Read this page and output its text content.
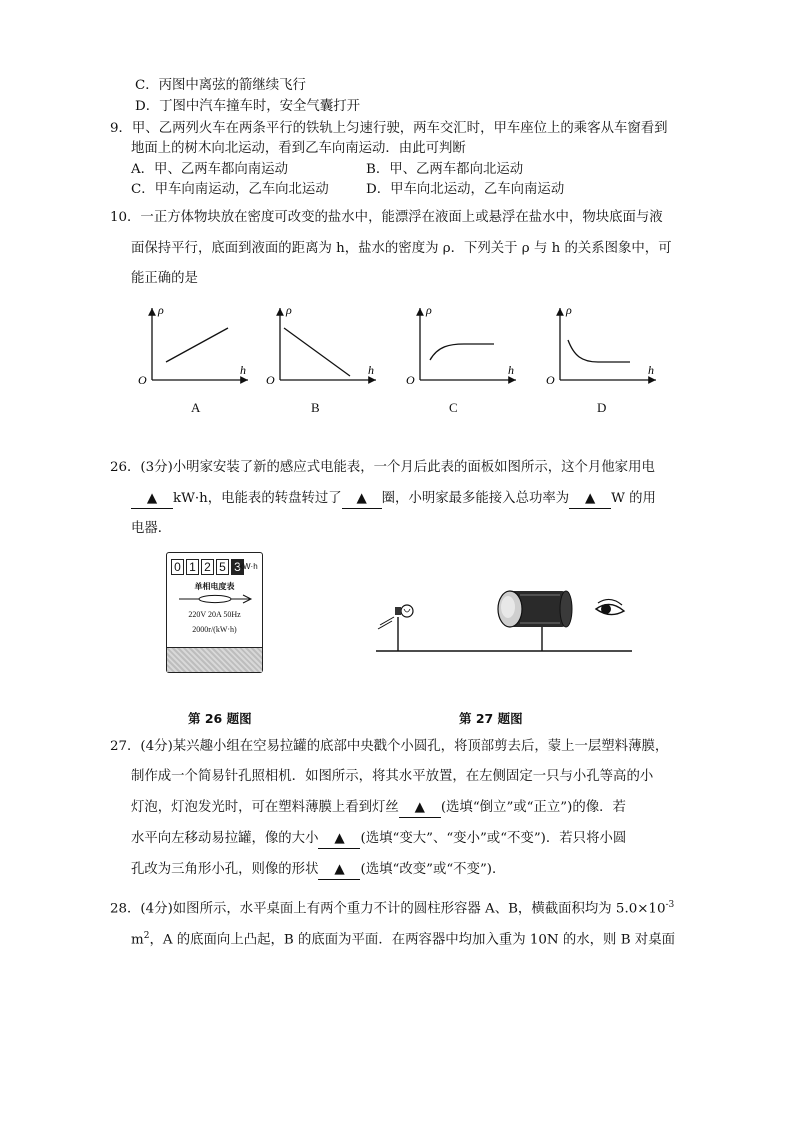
C．丙图中离弦的箭继续飞行
D．丁图中汽车撞车时，安全气囊打开
9．甲、乙两列火车在两条平行的铁轨上匀速行驶，两车交汇时，甲车座位上的乘客从车窗看到
地面上的树木向北运动，看到乙车向南运动．由此可判断
A．甲、乙两车都向南运动	B．甲、乙两车都向北运动
C．甲车向南运动，乙车向北运动	D．甲车向北运动，乙车向南运动
10．一正方体物块放在密度可改变的盐水中，能漂浮在液面上或悬浮在盐水中，物块底面与液
面保持平行，底面到液面的距离为 h，盐水的密度为 ρ．下列关于 ρ 与 h 的关系图象中，可
能正确的是
ρ
h
O
ρ
h
O
ρ
h
O
ρ
h
O
A	B	C	D
26．(3分)小明家安装了新的感应式电能表，一个月后此表的面板如图所示，这个月他家用电
▲ kW·h，电能表的转盘转过了 ▲ 圈，小明家最多能接入总功率为 ▲ W 的用
电器．
0 1 2 5 3
kW·h
单相电度表
220V 20A 50Hz
2000r/(kW·h)
第 26 题图	第 27 题图
27．(4分)某兴趣小组在空易拉罐的底部中央戳个小圆孔，将顶部剪去后，蒙上一层塑料薄膜，
制作成一个简易针孔照相机．如图所示，将其水平放置，在左侧固定一只与小孔等高的小
灯泡，灯泡发光时，可在塑料薄膜上看到灯丝 ▲ (选填“倒立”或“正立”)的像．若
水平向左移动易拉罐，像的大小 ▲ (选填“变大”、“变小”或“不变”)．若只将小圆
孔改为三角形小孔，则像的形状 ▲ (选填“改变”或“不变”)．
28．(4分)如图所示，水平桌面上有两个重力不计的圆柱形容器 A、B，横截面积均为 $5.0\times 10^{-3}$
$m^2$，A 的底面向上凸起，B 的底面为平面．在两容器中均加入重为 10N 的水，则 B 对桌面
